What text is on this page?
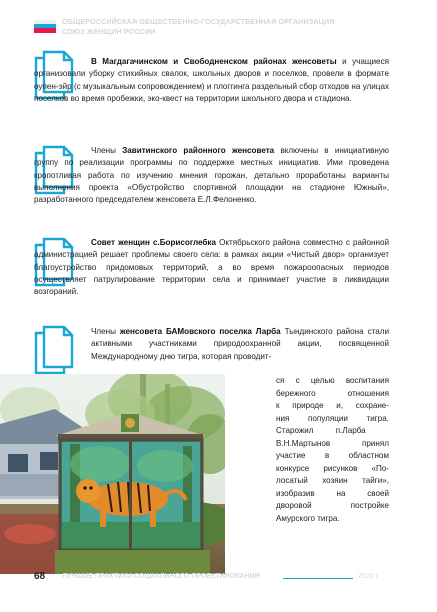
ОБЩЕРОССИЙСКАЯ ОБЩЕСТВЕННО-ГОСУДАРСТВЕННАЯ ОРГАНИЗАЦИЯ
СОЮЗ ЖЕНЩИН РОССИИ

В Магдагачинском и Свободненском районах женсоветы и учащиеся организовали уборку стихийных свалок, школьных дворов и поселков, провели в формате оупен-эйр (с музыкальным сопровождением) и плоггинга раздельный сбор отходов на улицах поселков во время пробежки, эко-квест на территории школьного двора и стадиона.

Члены Завитинского районного женсовета включены в инициативную группу по реализации программы по поддержке местных инициатив. Ими проведена кропотливая работа по изучению мнения горожан, детально проработаны варианты выполнения проекта «Обустройство спортивной площадки на стадионе Южный», разработанного председателем женсовета Е.Л.Фелоненко.

Совет женщин с.Борисоглебка Октябрьского района совместно с районной администрацией решает проблемы своего села: в рамках акции «Чистый двор» организует благоустройство придомовых территорий, а во время пожароопасных периодов осуществляет патрулирование территории села и принимает участие в ликвидации возгораний.

Члены женсовета БАМовского поселка Ларба Тындинского района стали активными участниками природоохранной акции, посвященной Международному дню тигра, которая проводит-

ся с целью воспитания
бережного отношения
к природе и, сохране-
ния популяции тигра.
Старожил п.Ларба
В.Н.Мартынов принял
участие в областном
конкурсе рисунков «По-
лосатый хозяин тайги»,
изобразив на своей
дворовой постройке
Амурского тигра.
68 ЛУЧШИЕ ПРАКТИКИ СОЦИАЛЬНОГО ПРОЕКТИРОВАНИЯ	2020 г.
